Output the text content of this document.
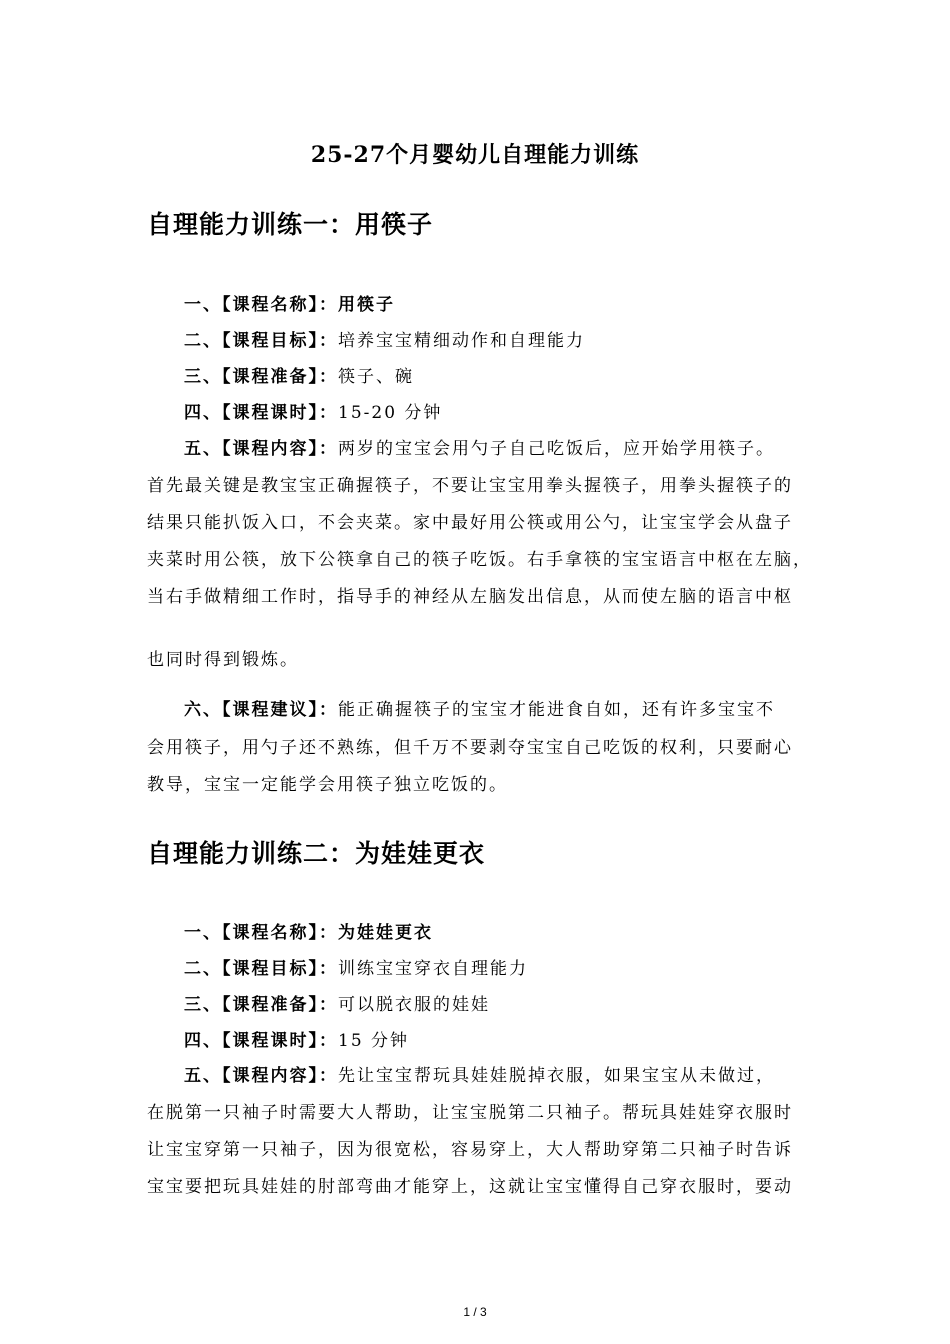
25-27个月婴幼儿自理能力训练
自理能力训练一：用筷子
一、【课程名称】：用筷子
二、【课程目标】：培养宝宝精细动作和自理能力
三、【课程准备】：筷子、碗
四、【课程课时】：15-20 分钟
五、【课程内容】：两岁的宝宝会用勺子自己吃饭后，应开始学用筷子。
首先最关键是教宝宝正确握筷子，不要让宝宝用拳头握筷子，用拳头握筷子的
结果只能扒饭入口，不会夹菜。家中最好用公筷或用公勺，让宝宝学会从盘子
夹菜时用公筷，放下公筷拿自己的筷子吃饭。右手拿筷的宝宝语言中枢在左脑，
当右手做精细工作时，指导手的神经从左脑发出信息，从而使左脑的语言中枢
也同时得到锻炼。
六、【课程建议】：能正确握筷子的宝宝才能进食自如，还有许多宝宝不
会用筷子，用勺子还不熟练，但千万不要剥夺宝宝自己吃饭的权利，只要耐心
教导，宝宝一定能学会用筷子独立吃饭的。
自理能力训练二：为娃娃更衣
一、【课程名称】：为娃娃更衣
二、【课程目标】：训练宝宝穿衣自理能力
三、【课程准备】：可以脱衣服的娃娃
四、【课程课时】：15 分钟
五、【课程内容】：先让宝宝帮玩具娃娃脱掉衣服，如果宝宝从未做过，
在脱第一只袖子时需要大人帮助，让宝宝脱第二只袖子。帮玩具娃娃穿衣服时
让宝宝穿第一只袖子，因为很宽松，容易穿上，大人帮助穿第二只袖子时告诉
宝宝要把玩具娃娃的肘部弯曲才能穿上，这就让宝宝懂得自己穿衣服时，要动
1 / 3
